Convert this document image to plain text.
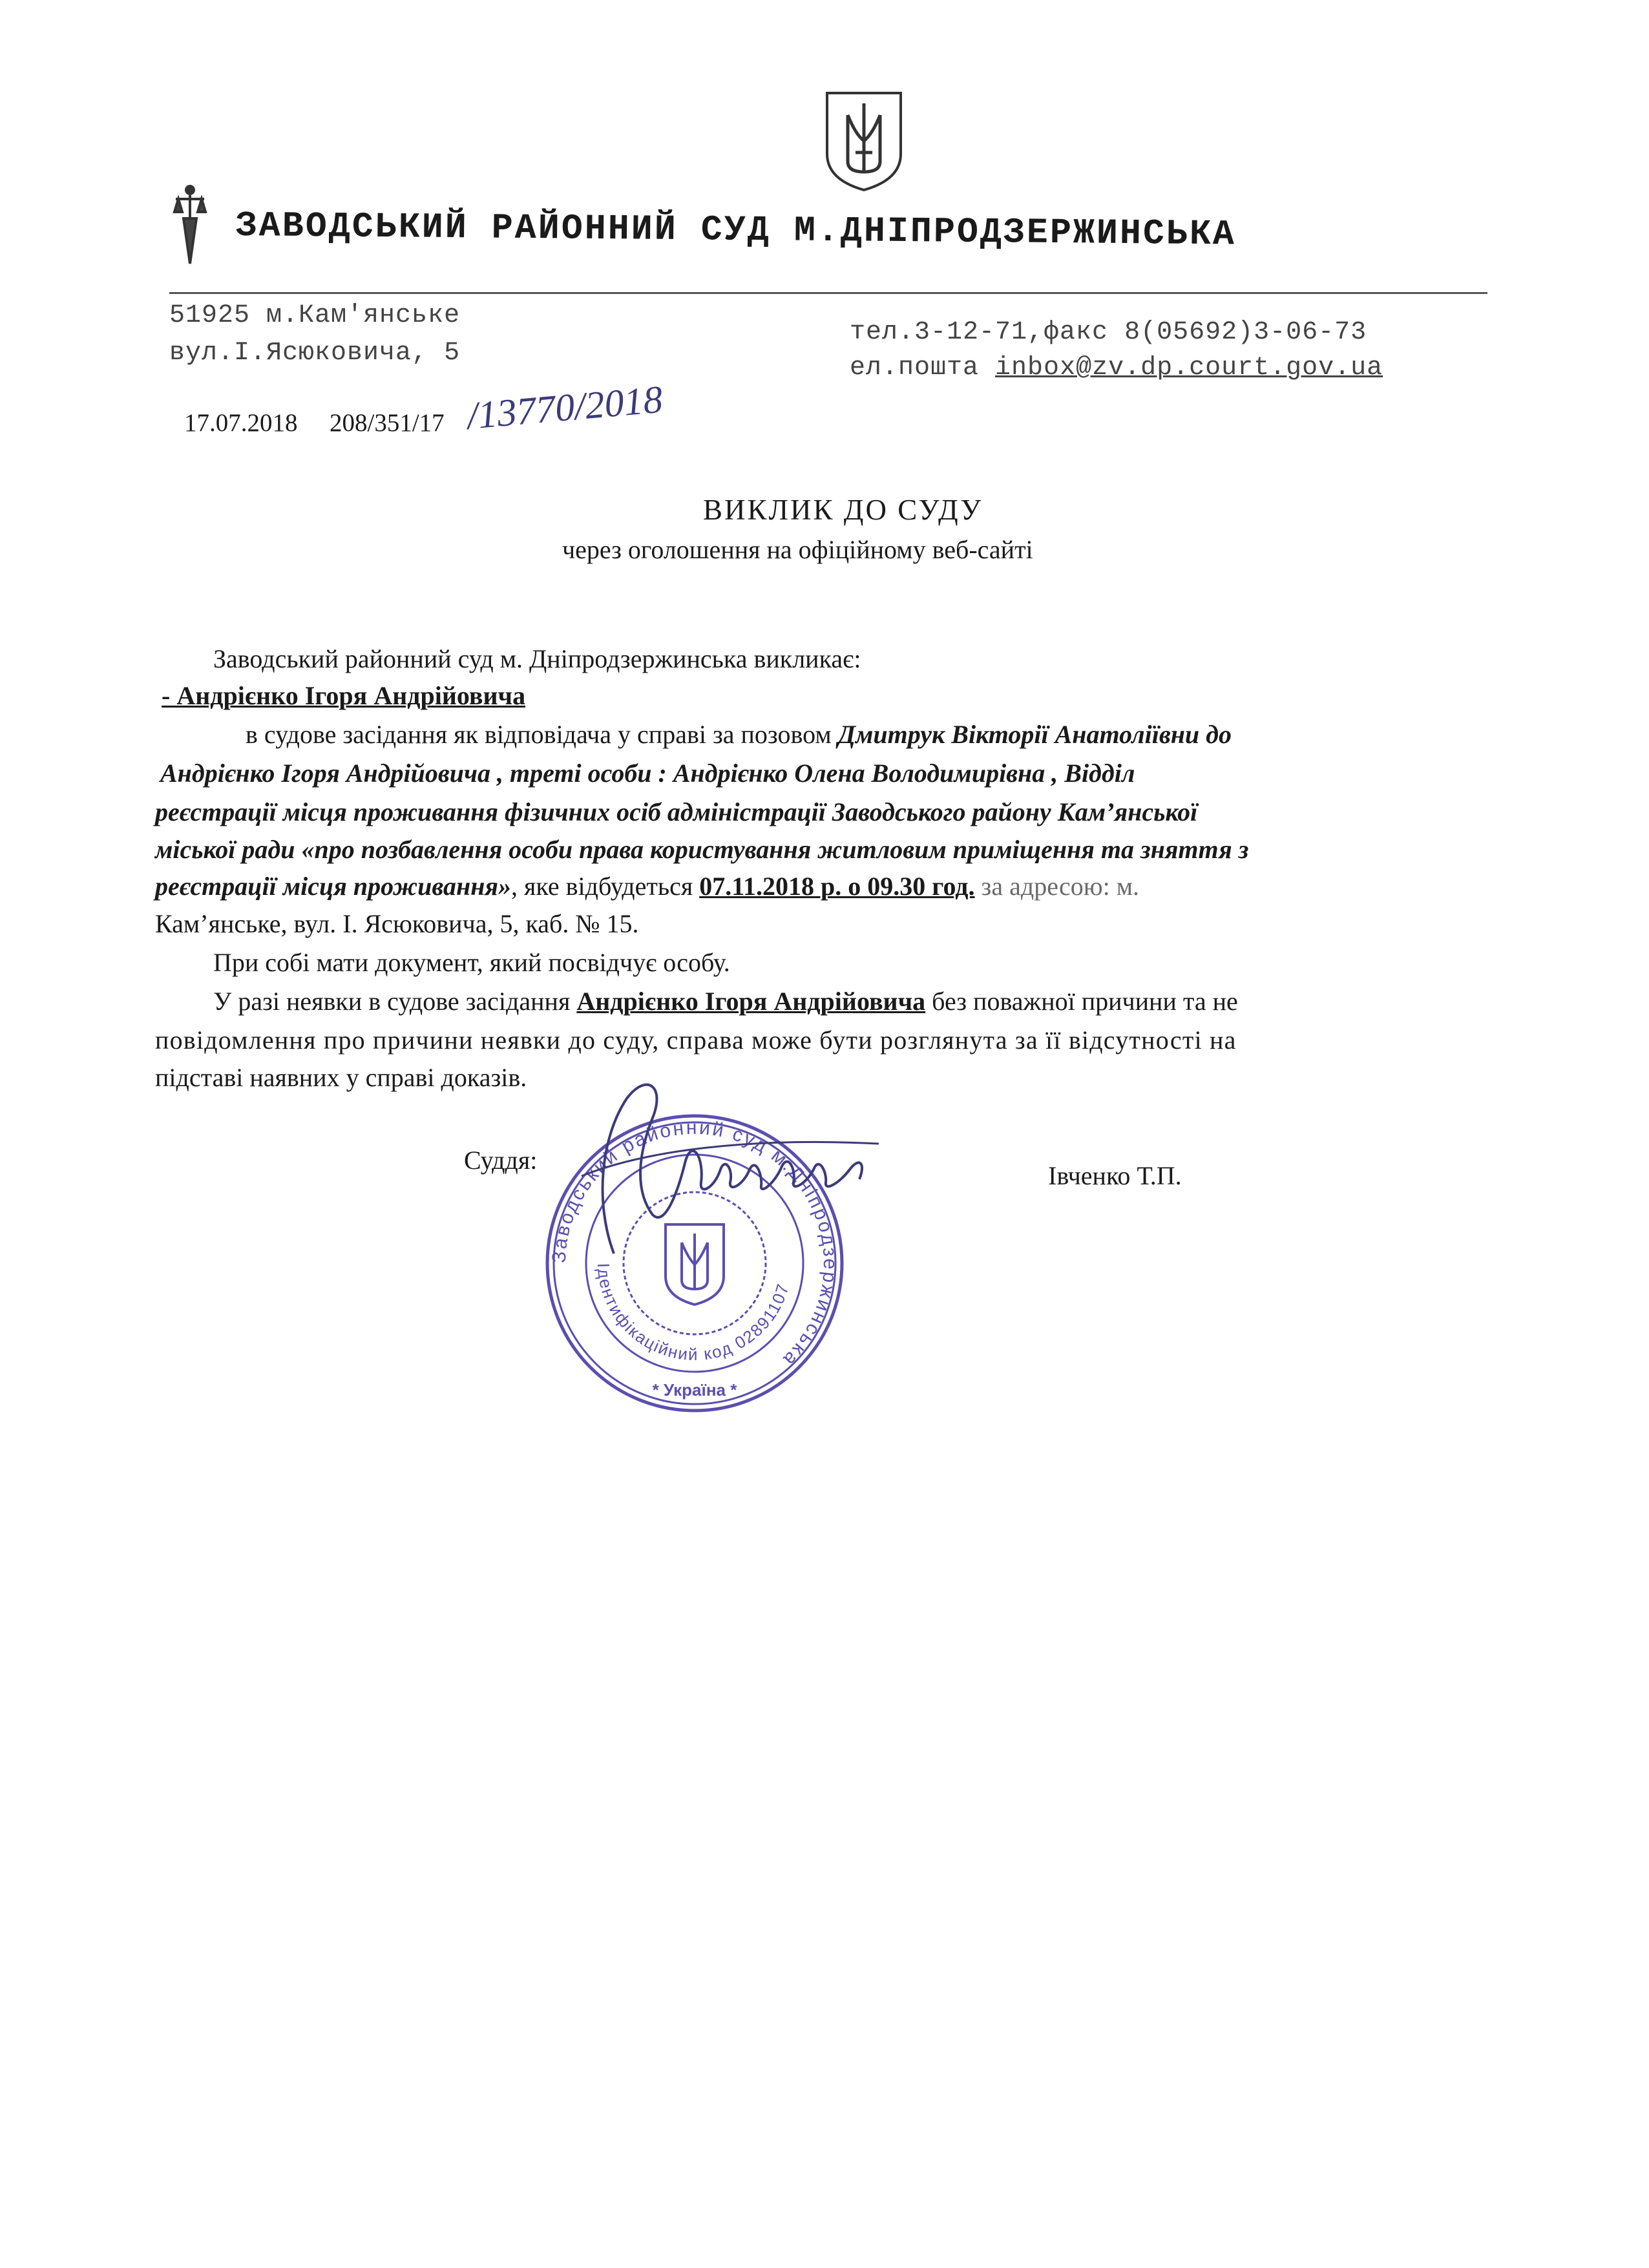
ЗАВОДСЬКИЙ РАЙОННИЙ СУД М.ДНІПРОДЗЕРЖИНСЬКА
51925 м.Кам'янське
вул.І.Ясюковича, 5
тел.3-12-71,факс 8(05692)3-06-73
ел.пошта inbox@zv.dp.court.gov.ua
17.07.2018 208/351/17 /13770/2018
ВИКЛИК ДО СУДУ
через оголошення на офіційному веб-сайті
Заводський районний суд м. Дніпродзержинська викликає:
- Андрієнко Ігоря Андрійовича
в судове засідання як відповідача у справі за позовом Дмитрук Вікторії Анатоліївни до
Андрієнко Ігоря Андрійовича , треті особи : Андрієнко Олена Володимирівна , Відділ
реєстрації місця проживання фізичних осіб адміністрації Заводського району Кам’янської
міської ради «про позбавлення особи права користування житловим приміщення та зняття з
реєстрації місця проживання», яке відбудеться 07.11.2018 р. о 09.30 год. за адресою: м.
Кам’янське, вул. І. Ясюковича, 5, каб. № 15.
При собі мати документ, який посвідчує особу.
У разі неявки в судове засідання Андрієнко Ігоря Андрійовича без поважної причини та не
повідомлення про причини неявки до суду, справа може бути розглянута за її відсутності на
підставі наявних у справі доказів.
Суддя:
Івченко Т.П.
Заводський районний суд м.Дніпродзержинська
Ідентифікаційний код 02891107
* Україна *
